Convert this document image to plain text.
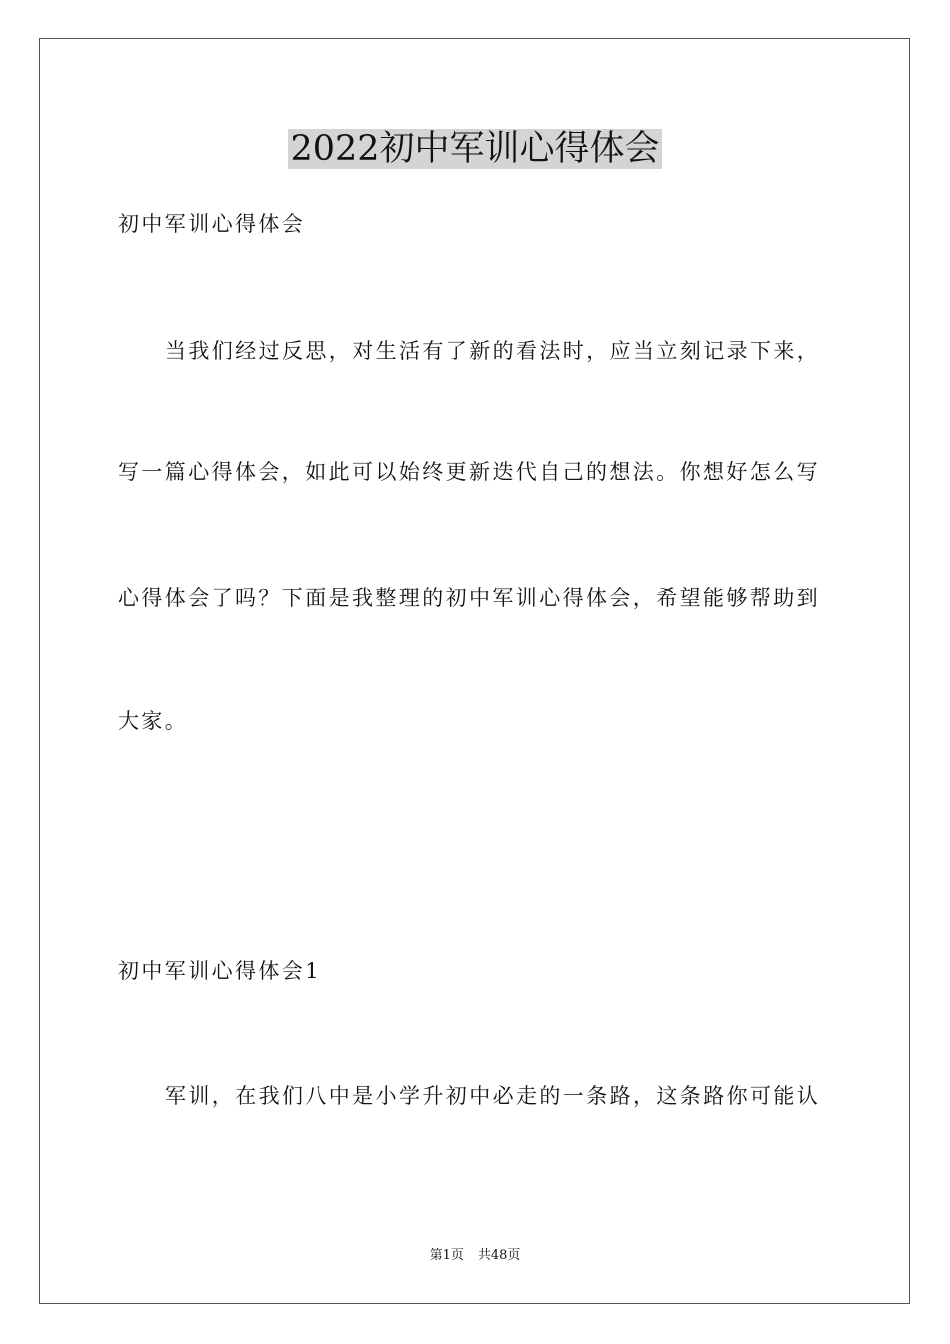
2022初中军训心得体会
初中军训心得体会
当我们经过反思，对生活有了新的看法时，应当立刻记录下来，
写一篇心得体会，如此可以始终更新迭代自己的想法。你想好怎么写
心得体会了吗？下面是我整理的初中军训心得体会，希望能够帮助到
大家。
初中军训心得体会1
军训，在我们八中是小学升初中必走的一条路，这条路你可能认
第1页 共48页
